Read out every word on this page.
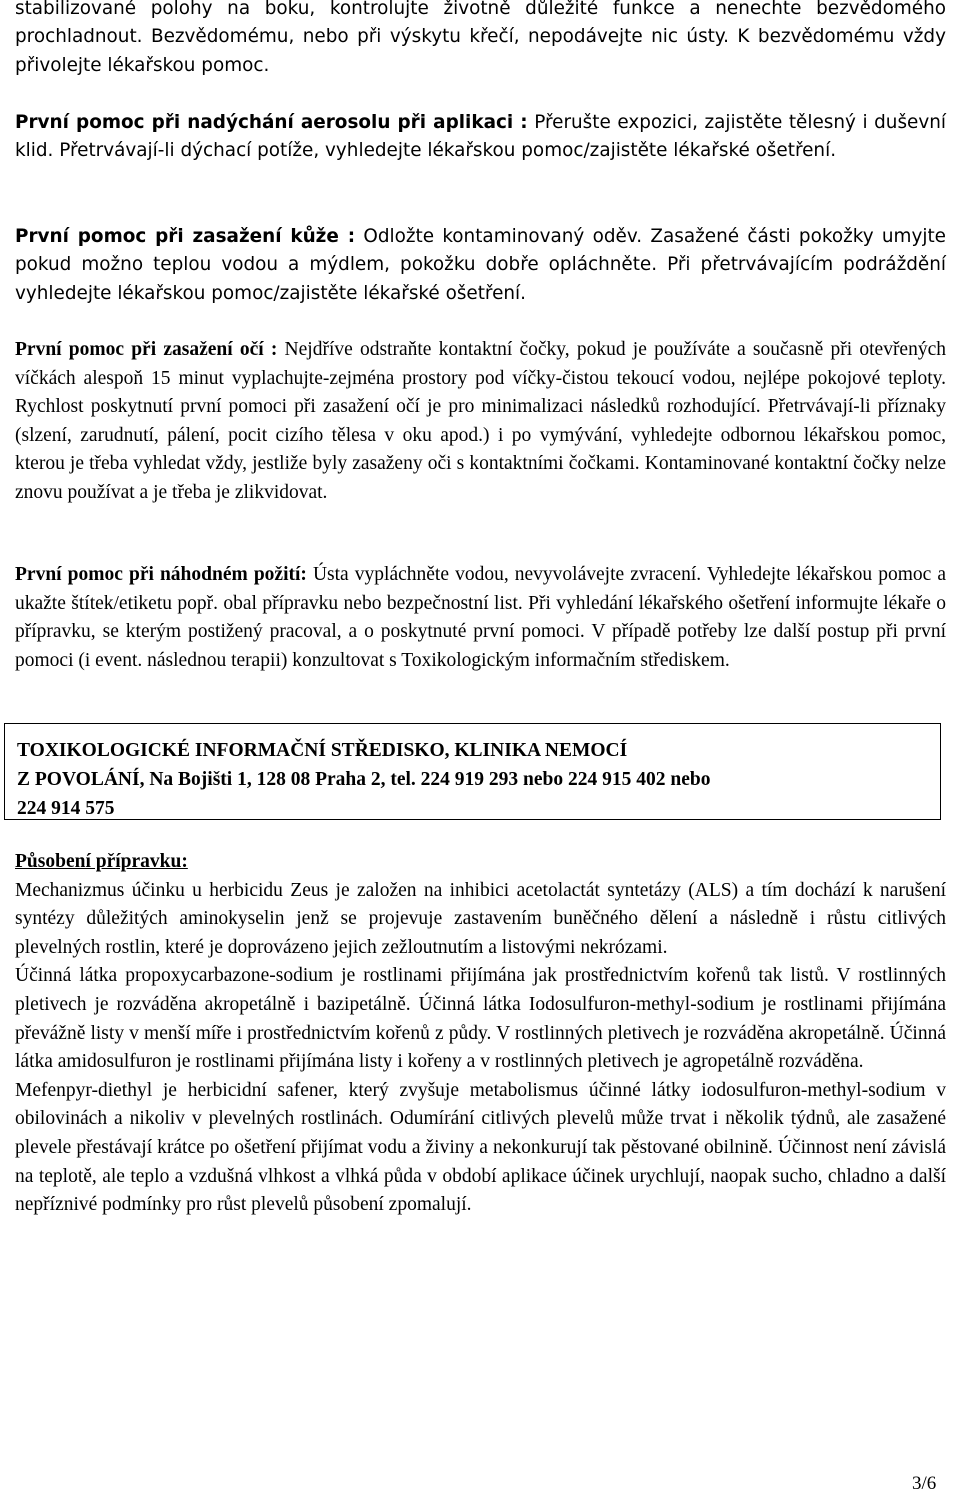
stabilizované polohy na boku, kontrolujte životně důležité funkce a nenechte bezvědomého prochladnout. Bezvědomému, nebo při výskytu křečí, nepodávejte nic ústy. K bezvědomému vždy přivolejte lékařskou pomoc.

První pomoc při nadýchání aerosolu při aplikaci : Přerušte expozici, zajistěte tělesný i duševní klid. Přetrvávají-li dýchací potíže, vyhledejte lékařskou pomoc/zajistěte lékařské ošetření.

První pomoc při zasažení kůže : Odložte kontaminovaný oděv. Zasažené části pokožky umyjte pokud možno teplou vodou a mýdlem, pokožku dobře opláchněte. Při přetrvávajícím podráždění vyhledejte lékařskou pomoc/zajistěte lékařské ošetření.

První pomoc při zasažení očí : Nejdříve odstraňte kontaktní čočky, pokud je používáte a současně při otevřených víčkách alespoň 15 minut vyplachujte-zejména prostory pod víčky-čistou tekoucí vodou, nejlépe pokojové teploty. Rychlost poskytnutí první pomoci při zasažení očí je pro minimalizaci následků rozhodující. Přetrvávají-li příznaky (slzení, zarudnutí, pálení, pocit cizího tělesa v oku apod.) i po vymývání, vyhledejte odbornou lékařskou pomoc, kterou je třeba vyhledat vždy, jestliže byly zasaženy oči s kontaktními čočkami. Kontaminované kontaktní čočky nelze znovu používat a je třeba je zlikvidovat.

První pomoc při náhodném požití: Ústa vypláchněte vodou, nevyvolávejte zvracení. Vyhledejte lékařskou pomoc a ukažte štítek/etiketu popř. obal přípravku nebo bezpečnostní list. Při vyhledání lékařského ošetření informujte lékaře o přípravku, se kterým postižený pracoval, a o poskytnuté první pomoci. V případě potřeby lze další postup při první pomoci (i event. následnou terapii) konzultovat s Toxikologickým informačním střediskem.

Působení přípravku:

Mechanizmus účinku u herbicidu Zeus je založen na inhibici acetolactát syntetázy (ALS) a tím dochází k narušení syntézy důležitých aminokyselin jenž se projevuje zastavením buněčného dělení a následně i růstu citlivých plevelných rostlin, které je doprovázeno jejich zežloutnutím a listovými nekrózami.

Účinná látka propoxycarbazone-sodium je rostlinami přijímána jak prostřednictvím kořenů tak listů. V rostlinných pletivech je rozváděna akropetálně i bazipetálně. Účinná látka Iodosulfuron-methyl-sodium je rostlinami přijímána převážně listy v menší míře i prostřednictvím kořenů z půdy. V rostlinných pletivech je rozváděna akropetálně. Účinná látka amidosulfuron je rostlinami přijímána listy i kořeny a v rostlinných pletivech je agropetálně rozváděna.

Mefenpyr-diethyl je herbicidní safener, který zvyšuje metabolismus účinné látky iodosulfuron-methyl-sodium v obilovinách a nikoliv v plevelných rostlinách. Odumírání citlivých plevelů může trvat i několik týdnů, ale zasažené plevele přestávají krátce po ošetření přijímat vodu a živiny a nekonkurují tak pěstované obilnině. Účinnost není závislá na teplotě, ale teplo a vzdušná vlhkost a vlhká půda v období aplikace účinek urychlují, naopak sucho, chladno a další nepříznivé podmínky pro růst plevelů působení zpomalují.

TOXIKOLOGICKÉ INFORMAČNÍ STŘEDISKO, KLINIKA NEMOCÍ
Z POVOLÁNÍ, Na Bojišti 1, 128 08 Praha 2, tel. 224 919 293 nebo 224 915 402 nebo
224 914 575
3/6
